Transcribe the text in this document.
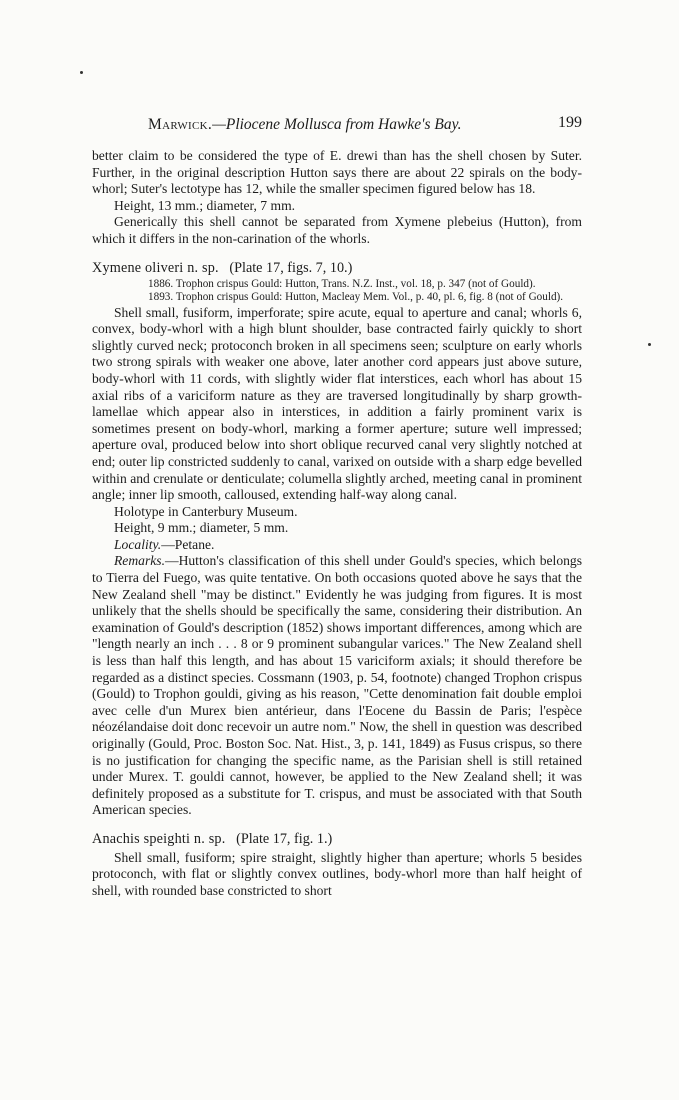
Marwick.—Pliocene Mollusca from Hawke's Bay.	199

better claim to be considered the type of E. drewi than has the shell chosen by Suter. Further, in the original description Hutton says there are about 22 spirals on the body-whorl; Suter's lectotype has 12, while the smaller specimen figured below has 18.

Height, 13 mm.; diameter, 7 mm.

Generically this shell cannot be separated from Xymene plebeius (Hutton), from which it differs in the non-carination of the whorls.

Xymene oliveri n. sp. (Plate 17, figs. 7, 10.)

1886. Trophon crispus Gould: Hutton, Trans. N.Z. Inst., vol. 18, p. 347 (not of Gould).

1893. Trophon crispus Gould: Hutton, Macleay Mem. Vol., p. 40, pl. 6, fig. 8 (not of Gould).

Shell small, fusiform, imperforate; spire acute, equal to aperture and canal; whorls 6, convex, body-whorl with a high blunt shoulder, base contracted fairly quickly to short slightly curved neck; protoconch broken in all specimens seen; sculpture on early whorls two strong spirals with weaker one above, later another cord appears just above suture, body-whorl with 11 cords, with slightly wider flat interstices, each whorl has about 15 axial ribs of a variciform nature as they are traversed longitudinally by sharp growth-lamellae which appear also in interstices, in addition a fairly prominent varix is sometimes present on body-whorl, marking a former aperture; suture well impressed; aperture oval, produced below into short oblique recurved canal very slightly notched at end; outer lip constricted suddenly to canal, varixed on outside with a sharp edge bevelled within and crenulate or denticulate; columella slightly arched, meeting canal in prominent angle; inner lip smooth, calloused, extending half-way along canal.

Holotype in Canterbury Museum.

Height, 9 mm.; diameter, 5 mm.

Locality.—Petane.

Remarks.—Hutton's classification of this shell under Gould's species, which belongs to Tierra del Fuego, was quite tentative. On both occasions quoted above he says that the New Zealand shell "may be distinct." Evidently he was judging from figures. It is most unlikely that the shells should be specifically the same, considering their distribution. An examination of Gould's description (1852) shows important differences, among which are "length nearly an inch . . . 8 or 9 prominent subangular varices." The New Zealand shell is less than half this length, and has about 15 variciform axials; it should therefore be regarded as a distinct species. Cossmann (1903, p. 54, footnote) changed Trophon crispus (Gould) to Trophon gouldi, giving as his reason, "Cette denomination fait double emploi avec celle d'un Murex bien antérieur, dans l'Eocene du Bassin de Paris; l'espèce néozélandaise doit donc recevoir un autre nom." Now, the shell in question was described originally (Gould, Proc. Boston Soc. Nat. Hist., 3, p. 141, 1849) as Fusus crispus, so there is no justification for changing the specific name, as the Parisian shell is still retained under Murex. T. gouldi cannot, however, be applied to the New Zealand shell; it was definitely proposed as a substitute for T. crispus, and must be associated with that South American species.

Anachis speighti n. sp. (Plate 17, fig. 1.)

Shell small, fusiform; spire straight, slightly higher than aperture; whorls 5 besides protoconch, with flat or slightly convex outlines, body-whorl more than half height of shell, with rounded base constricted to short
